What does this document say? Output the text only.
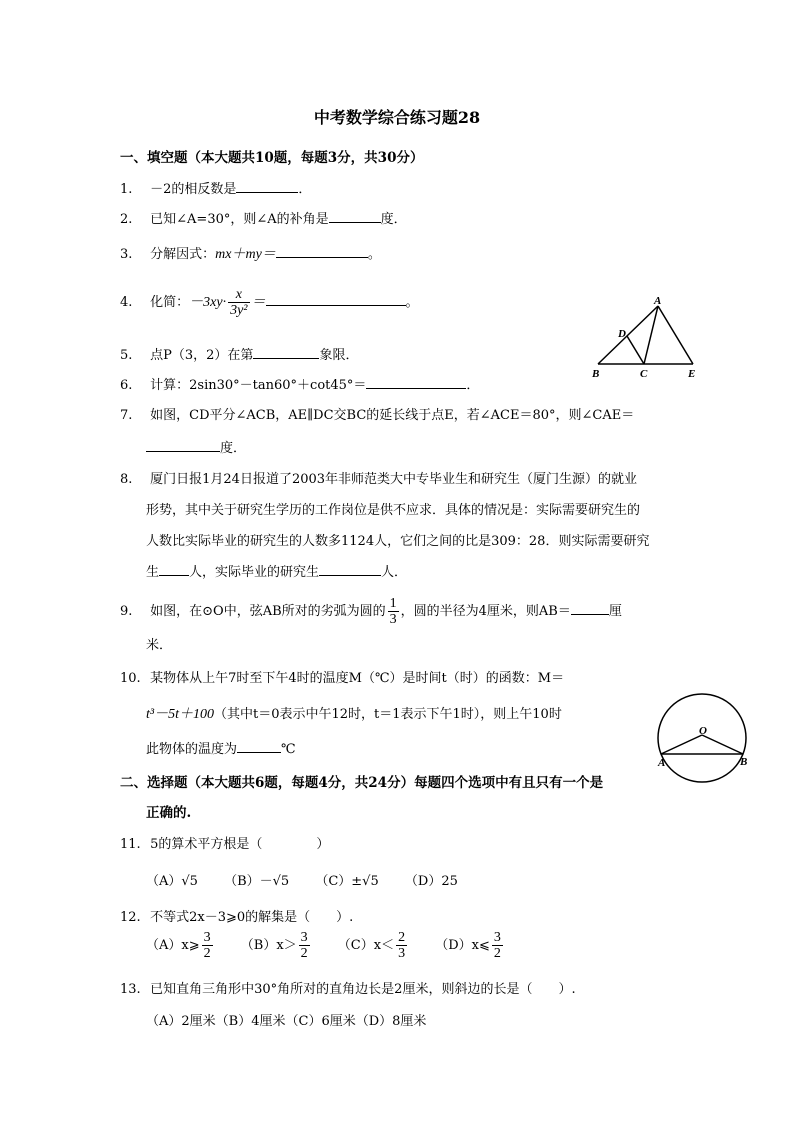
中考数学综合练习题28
一、填空题（本大题共10题，每题3分，共30分）
1. －2的相反数是	．
2. 已知∠A=30°，则∠A的补角是	度．
3. 分解因式：mx＋my＝	。
4. 化简：$-3xy\cdot \frac{x}{\text{3y²}}$ ＝	。
5. 点P（3，2）在第	象限．
6. 计算：2sin30°－tan60°＋cot45°＝	．
7. 如图，CD平分∠ACB，AE∥DC交BC的延长线于点E，若∠ACE＝80°，则∠CAE＝
度．
8. 厦门日报1月24日报道了2003年非师范类大中专毕业生和研究生（厦门生源）的就业
形势，其中关于研究生学历的工作岗位是供不应求．具体的情况是：实际需要研究生的
人数比实际毕业的研究生的人数多1124人，它们之间的比是309：28．则实际需要研究
生 人，实际毕业的研究生	人．
9. 如图，在⊙O中，弦AB所对的劣弧为圆的 $\frac{1}{3}$ ，圆的半径为4厘米，则AB＝	厘
米．
10. 某物体从上午7时至下午4时的温度M（℃）是时间t（时）的函数：M＝
t³－5t＋100（其中t＝0表示中午12时，t＝1表示下午1时），则上午10时
此物体的温度为	℃
二、选择题（本大题共6题，每题4分，共24分）每题四个选项中有且只有一个是
正确的.
11. 5的算术平方根是（	）
（A）√5 （B）－√5 （C）±√5 （D）25
12. 不等式2x－3⩾0的解集是（　　）.
（A）x⩾ $\frac{3}{2} (B)x> \frac{3}{2} (C)x< \frac{2}{3}$ （D）x⩽ $\frac{3}{2}$
13. 已知直角三角形中30°角所对的直角边长是2厘米，则斜边的长是（　　）.
（A）2厘米（B）4厘米（C）6厘米（D）8厘米
A
D
B	C	E
O
A	B
